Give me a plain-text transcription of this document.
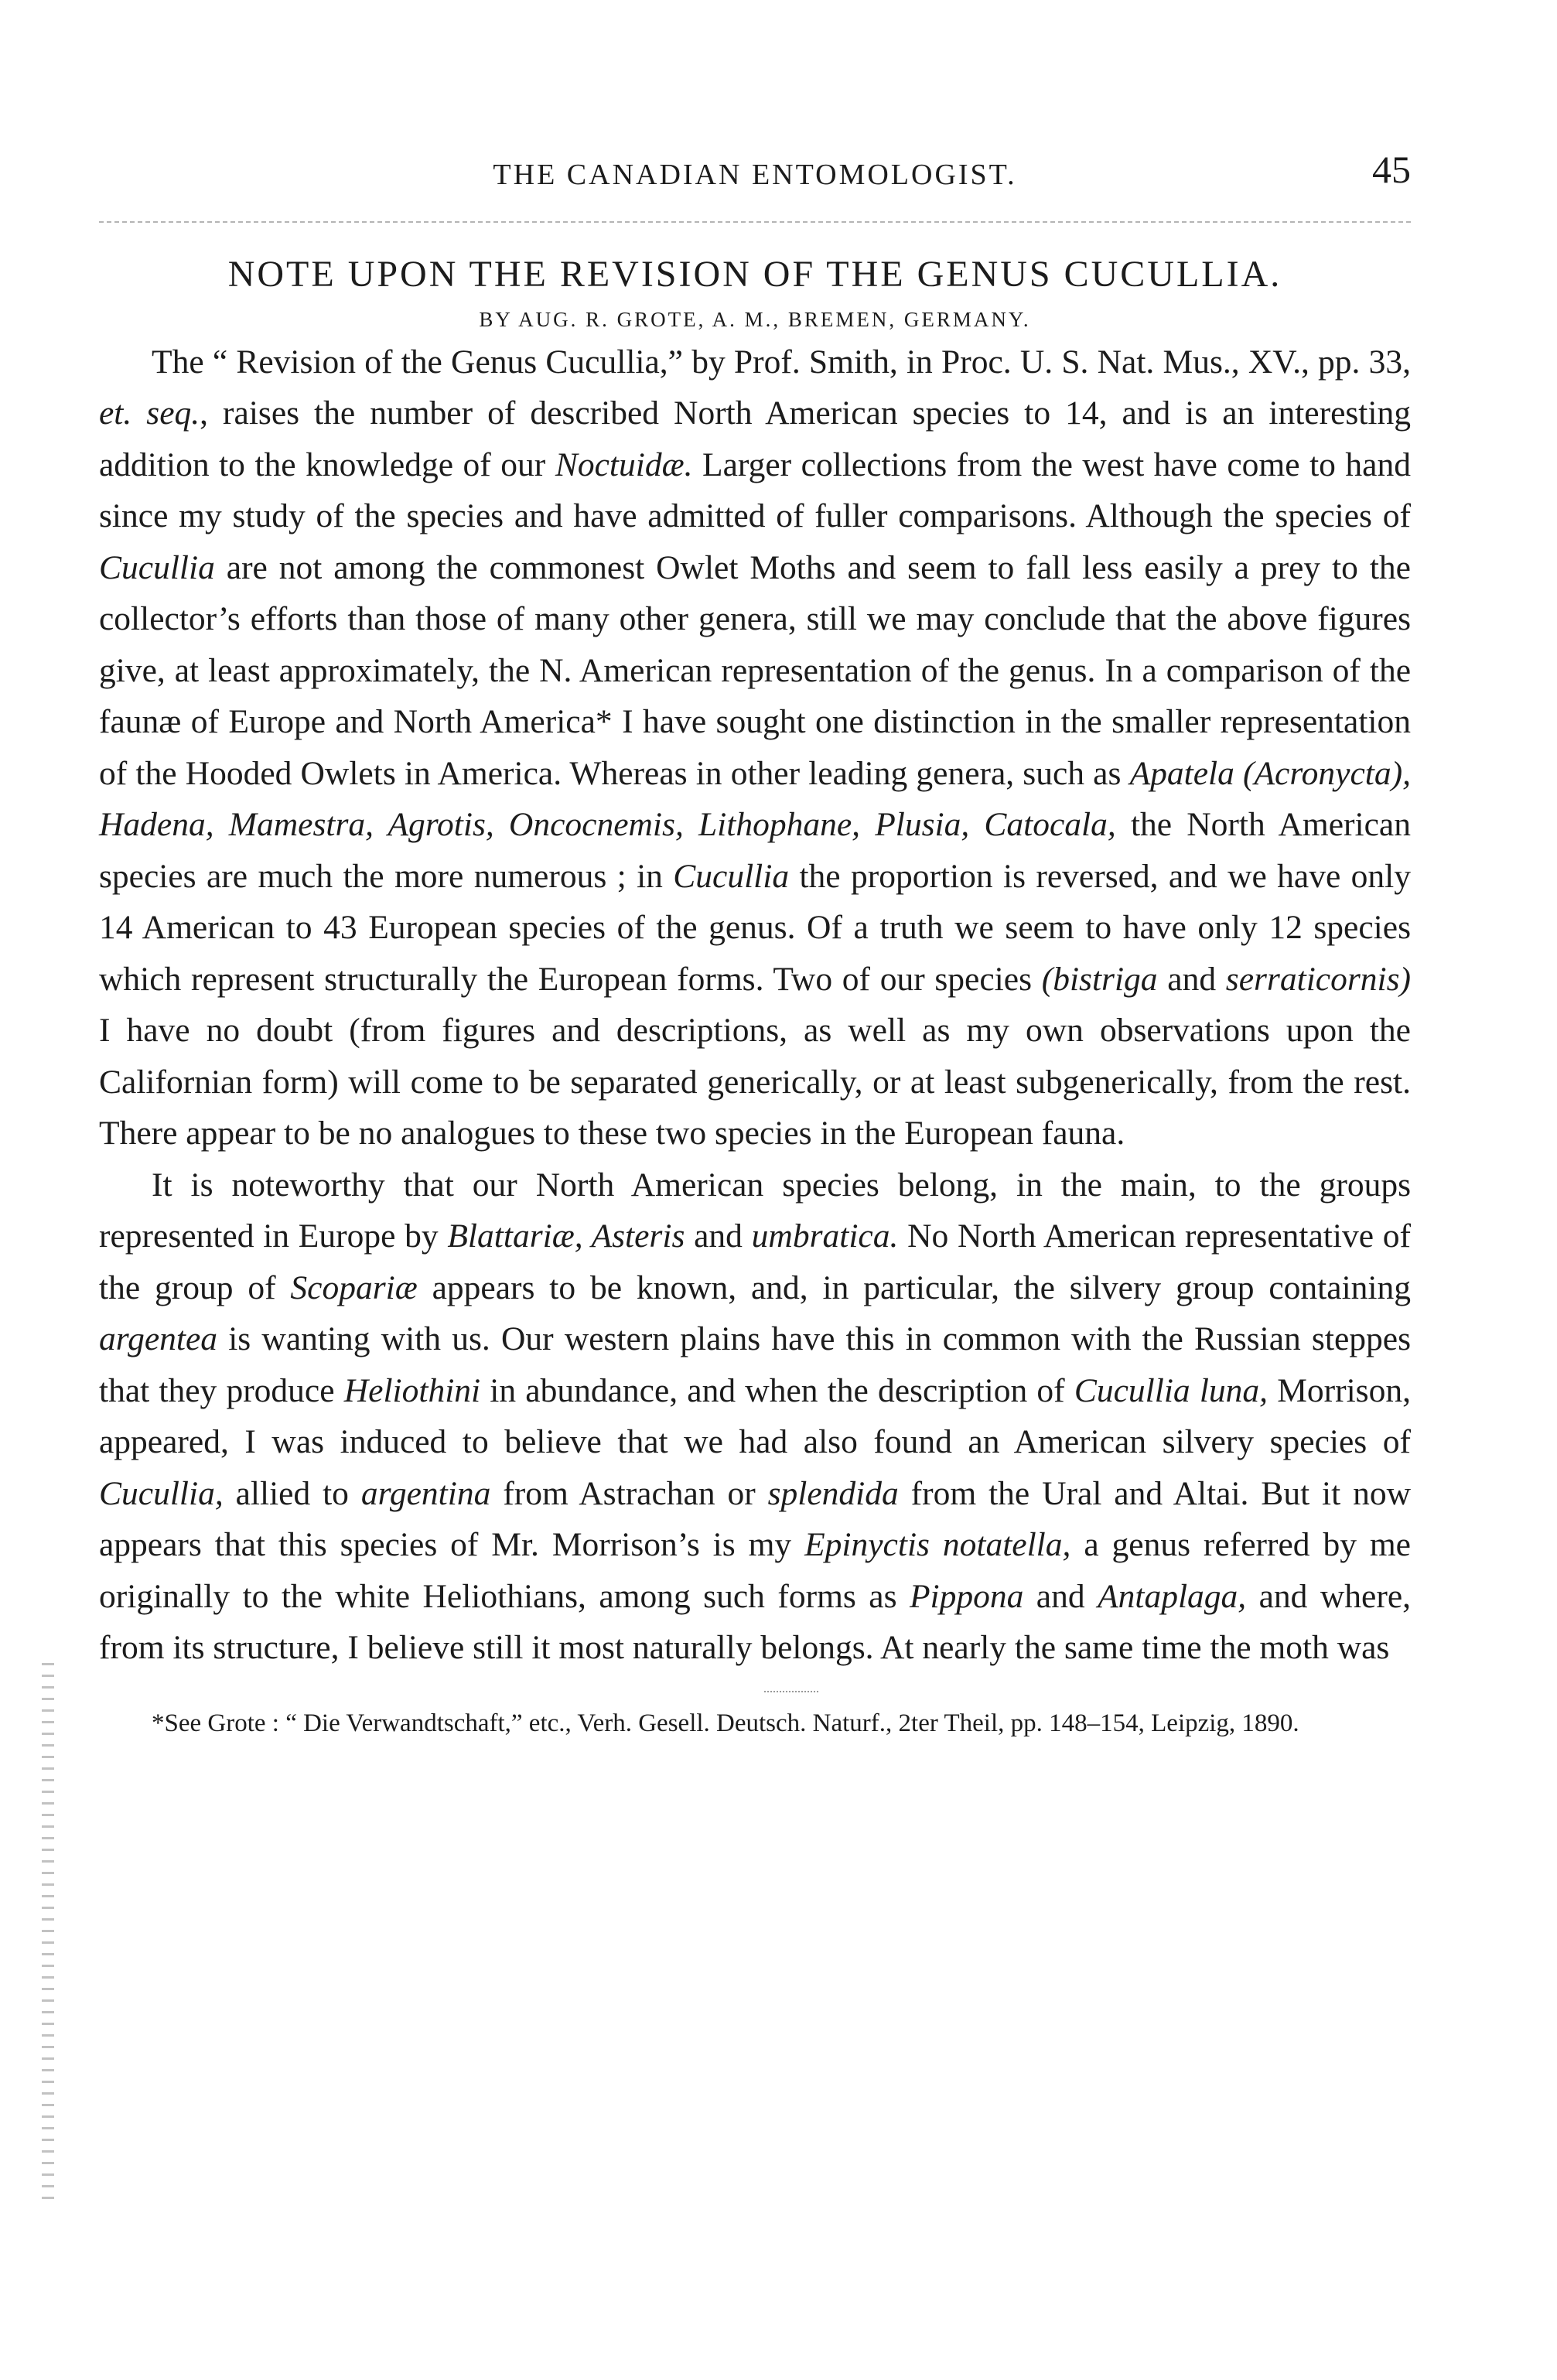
THE CANADIAN ENTOMOLOGIST.	45
NOTE UPON THE REVISION OF THE GENUS CUCULLIA.
BY AUG. R. GROTE, A. M., BREMEN, GERMANY.

The “ Revision of the Genus Cucullia,” by Prof. Smith, in Proc. U. S. Nat. Mus., XV., pp. 33, et. seq., raises the number of described North American species to 14, and is an interesting addition to the knowledge of our Noctuidæ. Larger collections from the west have come to hand since my study of the species and have admitted of fuller comparisons. Although the species of Cucullia are not among the commonest Owlet Moths and seem to fall less easily a prey to the collector’s efforts than those of many other genera, still we may conclude that the above figures give, at least approximately, the N. American representation of the genus. In a comparison of the faunæ of Europe and North America* I have sought one distinction in the smaller representation of the Hooded Owlets in America. Whereas in other leading genera, such as Apatela (Acronycta), Hadena, Mamestra, Agrotis, Oncocnemis, Lithophane, Plusia, Catocala, the North American species are much the more numerous ; in Cucullia the proportion is reversed, and we have only 14 American to 43 European species of the genus. Of a truth we seem to have only 12 species which represent structurally the European forms. Two of our species (bistriga and serraticornis) I have no doubt (from figures and descriptions, as well as my own observations upon the Californian form) will come to be separated generically, or at least subgenerically, from the rest. There appear to be no analogues to these two species in the European fauna.

It is noteworthy that our North American species belong, in the main, to the groups represented in Europe by Blattariæ, Asteris and umbratica. No North American representative of the group of Scopariæ appears to be known, and, in particular, the silvery group containing argentea is wanting with us. Our western plains have this in common with the Russian steppes that they produce Heliothini in abundance, and when the description of Cucullia luna, Morrison, appeared, I was induced to believe that we had also found an American silvery species of Cucullia, allied to argentina from Astrachan or splendida from the Ural and Altai. But it now appears that this species of Mr. Morrison’s is my Epinyctis notatella, a genus referred by me originally to the white Heliothians, among such forms as Pippona and Antaplaga, and where, from its structure, I believe still it most naturally belongs. At nearly the same time the moth was

*See Grote : “ Die Verwandtschaft,” etc., Verh. Gesell. Deutsch. Naturf., 2ter Theil, pp. 148–154, Leipzig, 1890.
